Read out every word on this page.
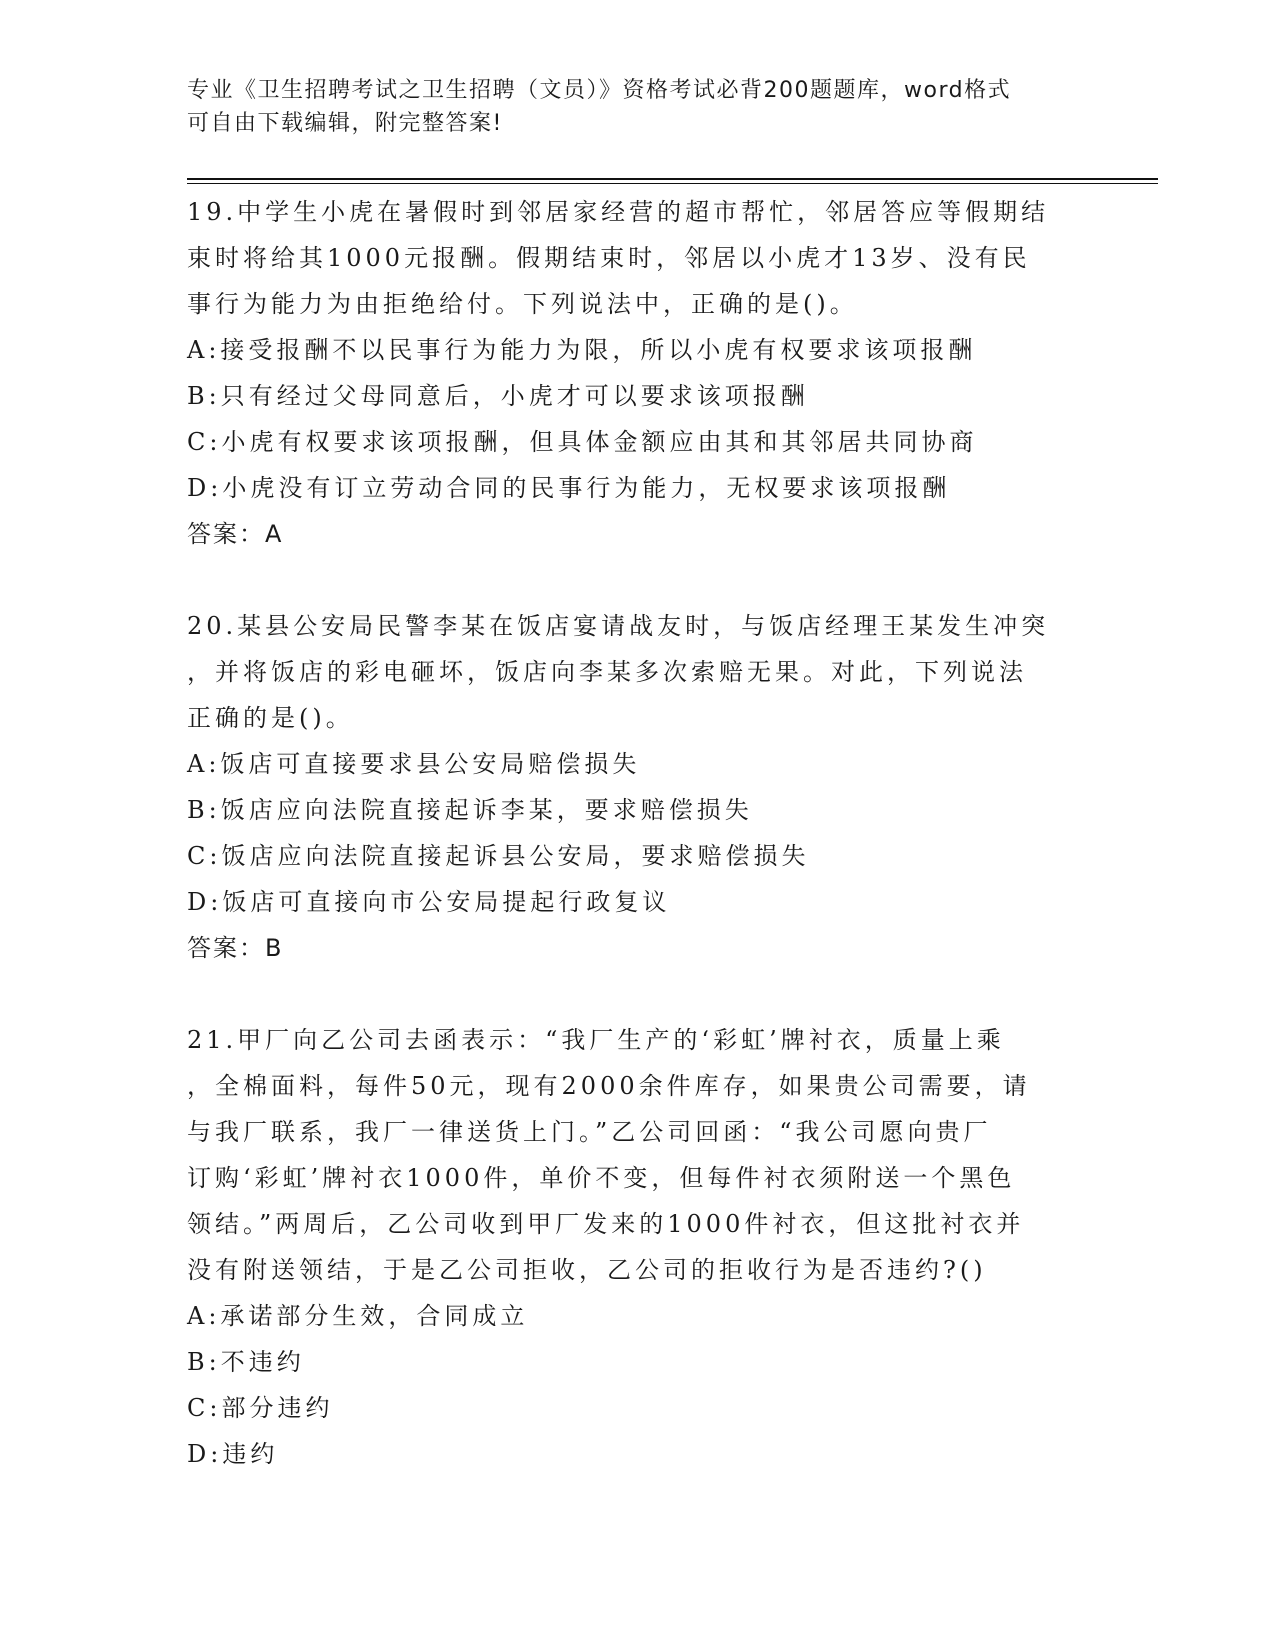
专业《卫生招聘考试之卫生招聘（文员）》资格考试必背200题题库，word格式
可自由下载编辑，附完整答案!

19.中学生小虎在暑假时到邻居家经营的超市帮忙，邻居答应等假期结

束时将给其1000元报酬。假期结束时，邻居以小虎才13岁、没有民

事行为能力为由拒绝给付。下列说法中，正确的是()。

A:接受报酬不以民事行为能力为限，所以小虎有权要求该项报酬

B:只有经过父母同意后，小虎才可以要求该项报酬

C:小虎有权要求该项报酬，但具体金额应由其和其邻居共同协商

D:小虎没有订立劳动合同的民事行为能力，无权要求该项报酬

答案：A

20.某县公安局民警李某在饭店宴请战友时，与饭店经理王某发生冲突

，并将饭店的彩电砸坏，饭店向李某多次索赔无果。对此，下列说法

正确的是()。

A:饭店可直接要求县公安局赔偿损失

B:饭店应向法院直接起诉李某，要求赔偿损失

C:饭店应向法院直接起诉县公安局，要求赔偿损失

D:饭店可直接向市公安局提起行政复议

答案：B

21.甲厂向乙公司去函表示：“我厂生产的‘彩虹’牌衬衣，质量上乘

，全棉面料，每件50元，现有2000余件库存，如果贵公司需要，请

与我厂联系，我厂一律送货上门。”乙公司回函：“我公司愿向贵厂

订购‘彩虹’牌衬衣1000件，单价不变，但每件衬衣须附送一个黑色

领结。”两周后，乙公司收到甲厂发来的1000件衬衣，但这批衬衣并

没有附送领结，于是乙公司拒收，乙公司的拒收行为是否违约?()

A:承诺部分生效，合同成立

B:不违约

C:部分违约

D:违约
